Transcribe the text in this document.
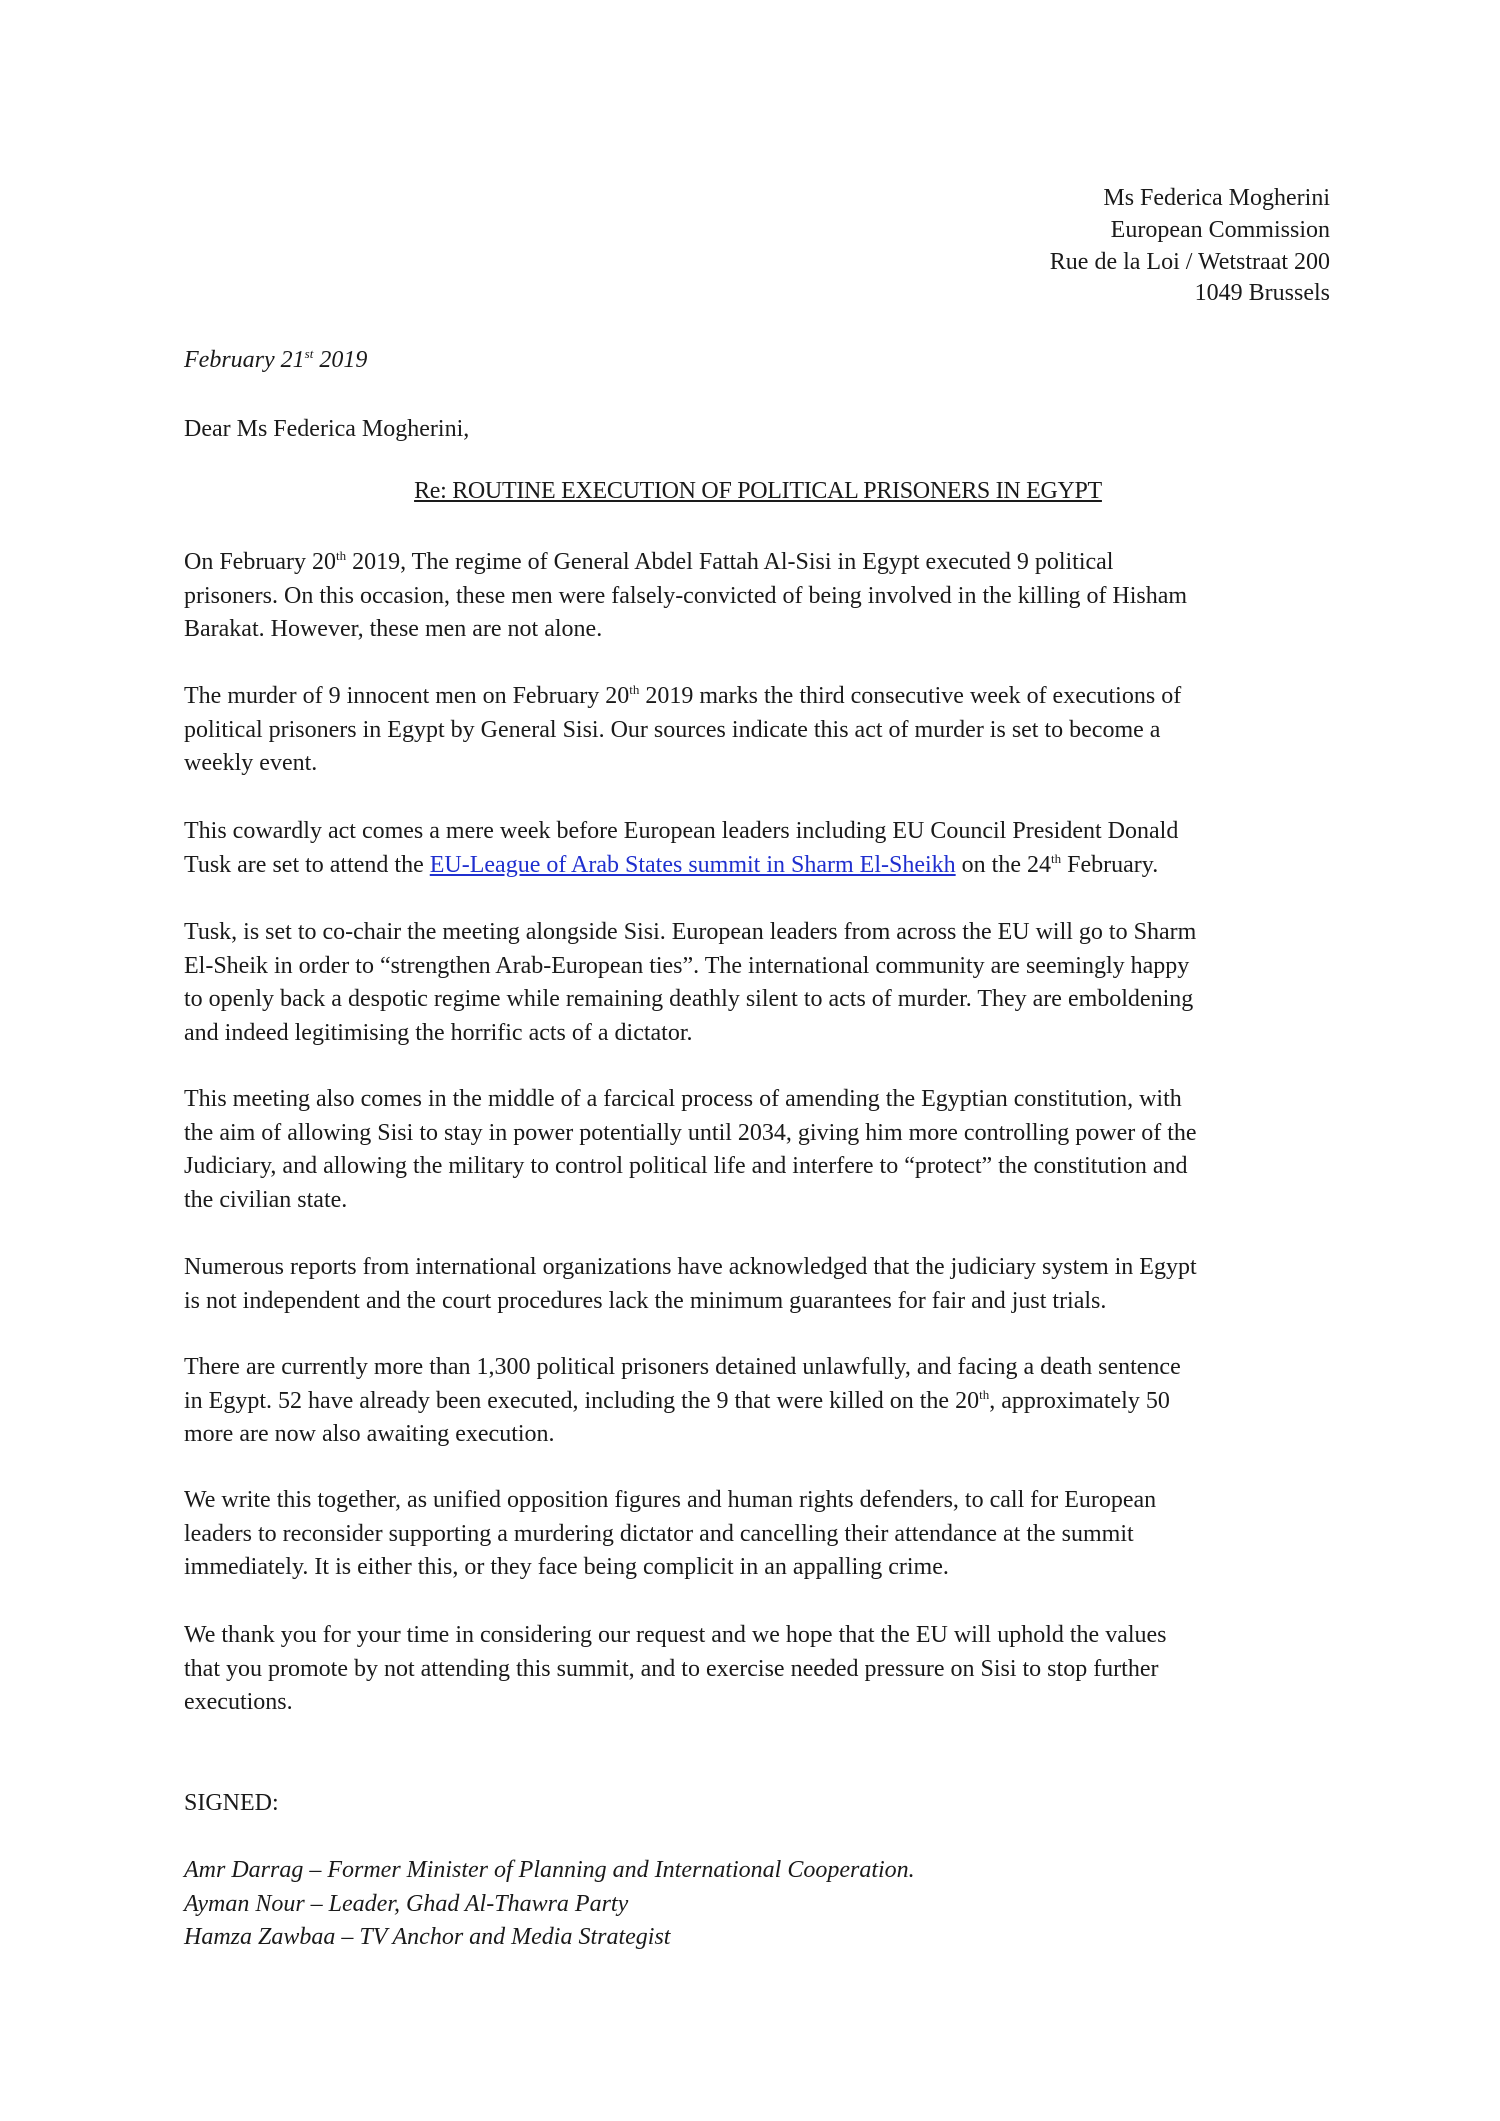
Ms Federica Mogherini
European Commission
Rue de la Loi / Wetstraat 200
1049 Brussels
February 21st 2019
Dear Ms Federica Mogherini,
Re: ROUTINE EXECUTION OF POLITICAL PRISONERS IN EGYPT
On February 20th 2019, The regime of General Abdel Fattah Al-Sisi in Egypt executed 9 political
prisoners. On this occasion, these men were falsely-convicted of being involved in the killing of Hisham
Barakat. However, these men are not alone.
The murder of 9 innocent men on February 20th 2019 marks the third consecutive week of executions of
political prisoners in Egypt by General Sisi. Our sources indicate this act of murder is set to become a
weekly event.
This cowardly act comes a mere week before European leaders including EU Council President Donald
Tusk are set to attend the EU-League of Arab States summit in Sharm El-Sheikh on the 24th February.
Tusk, is set to co-chair the meeting alongside Sisi. European leaders from across the EU will go to Sharm
El-Sheik in order to “strengthen Arab-European ties”. The international community are seemingly happy
to openly back a despotic regime while remaining deathly silent to acts of murder. They are emboldening
and indeed legitimising the horrific acts of a dictator.
This meeting also comes in the middle of a farcical process of amending the Egyptian constitution, with
the aim of allowing Sisi to stay in power potentially until 2034, giving him more controlling power of the
Judiciary, and allowing the military to control political life and interfere to “protect” the constitution and
the civilian state.
Numerous reports from international organizations have acknowledged that the judiciary system in Egypt
is not independent and the court procedures lack the minimum guarantees for fair and just trials.
There are currently more than 1,300 political prisoners detained unlawfully, and facing a death sentence
in Egypt. 52 have already been executed, including the 9 that were killed on the 20th, approximately 50
more are now also awaiting execution.
We write this together, as unified opposition figures and human rights defenders, to call for European
leaders to reconsider supporting a murdering dictator and cancelling their attendance at the summit
immediately. It is either this, or they face being complicit in an appalling crime.
We thank you for your time in considering our request and we hope that the EU will uphold the values
that you promote by not attending this summit, and to exercise needed pressure on Sisi to stop further
executions.
SIGNED:
Amr Darrag – Former Minister of Planning and International Cooperation.
Ayman Nour – Leader, Ghad Al-Thawra Party
Hamza Zawbaa – TV Anchor and Media Strategist
